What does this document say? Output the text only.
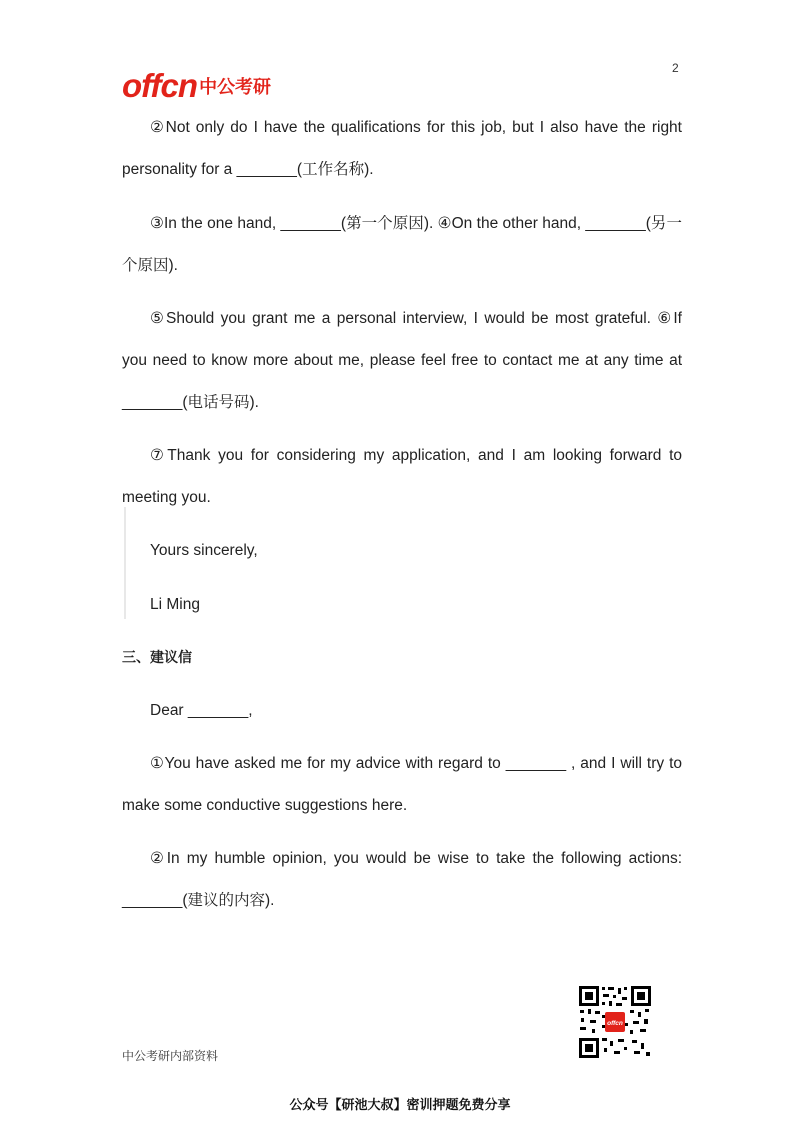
2
offcn 中公考研
②Not only do I have the qualifications for this job, but I also have the right
personality for a _______(工作名称).
③In the one hand, _______(第一个原因). ④On the other hand, _______(另一
个原因).
⑤Should you grant me a personal interview, I would be most grateful. ⑥If
you need to know more about me, please feel free to contact me at any time at
_______(电话号码).
⑦Thank you for considering my application, and I am looking forward to
meeting you.
Yours sincerely,
Li Ming
三、建议信
Dear _______,
①You have asked me for my advice with regard to _______ , and I will try to
make some conductive suggestions here.
②In my humble opinion, you would be wise to take the following actions:
_______(建议的内容).
offcn
中公考研内部资料
公众号【研池大叔】密训押题免费分享
